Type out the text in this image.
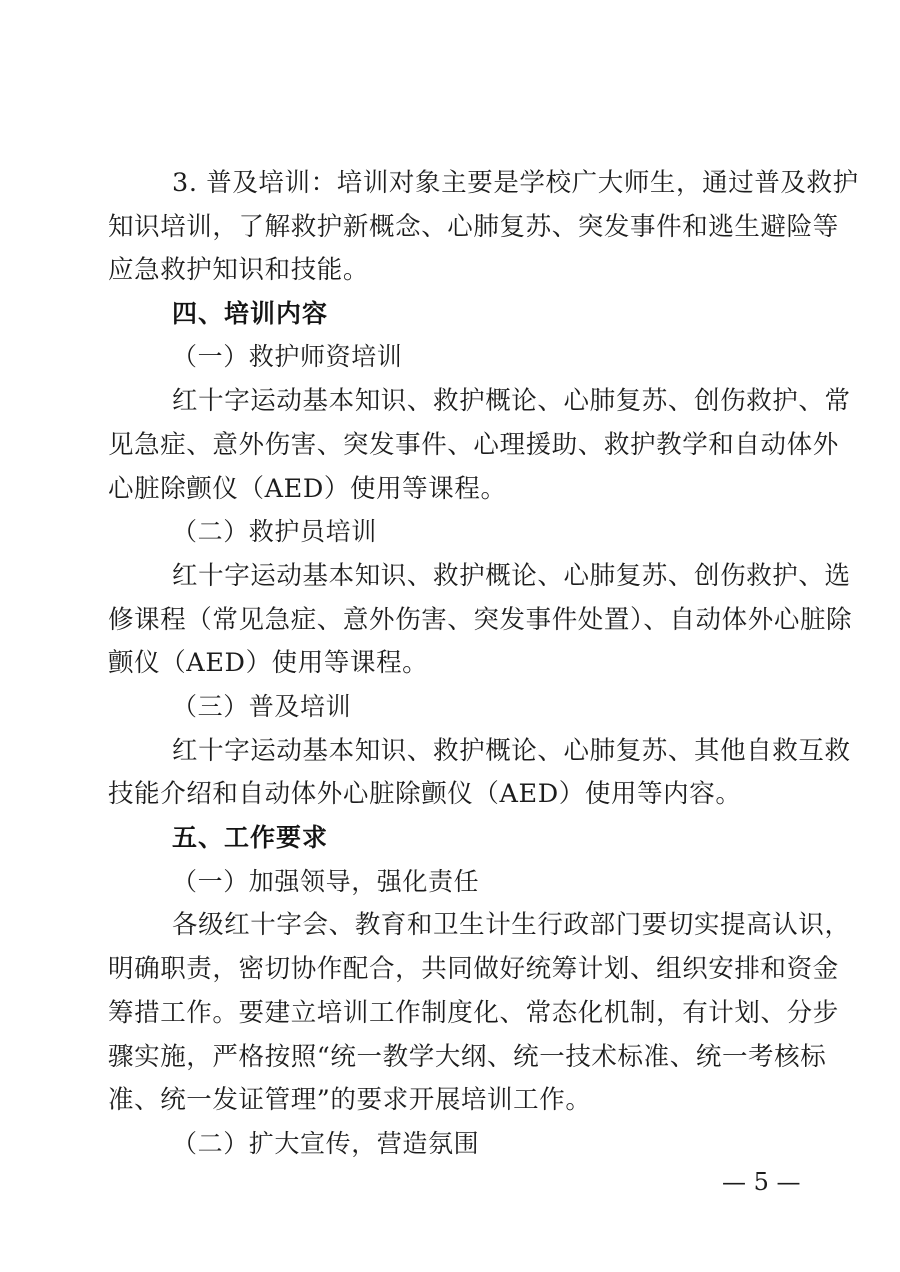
3. 普及培训：培训对象主要是学校广大师生，通过普及救护
知识培训，了解救护新概念、心肺复苏、突发事件和逃生避险等
应急救护知识和技能。
四、培训内容
（一）救护师资培训
红十字运动基本知识、救护概论、心肺复苏、创伤救护、常
见急症、意外伤害、突发事件、心理援助、救护教学和自动体外
心脏除颤仪（AED）使用等课程。
（二）救护员培训
红十字运动基本知识、救护概论、心肺复苏、创伤救护、选
修课程（常见急症、意外伤害、突发事件处置）、自动体外心脏除
颤仪（AED）使用等课程。
（三）普及培训
红十字运动基本知识、救护概论、心肺复苏、其他自救互救
技能介绍和自动体外心脏除颤仪（AED）使用等内容。
五、工作要求
（一）加强领导，强化责任
各级红十字会、教育和卫生计生行政部门要切实提高认识，
明确职责，密切协作配合，共同做好统筹计划、组织安排和资金
筹措工作。要建立培训工作制度化、常态化机制，有计划、分步
骤实施，严格按照“统一教学大纲、统一技术标准、统一考核标
准、统一发证管理”的要求开展培训工作。
（二）扩大宣传，营造氛围
— 5 —
